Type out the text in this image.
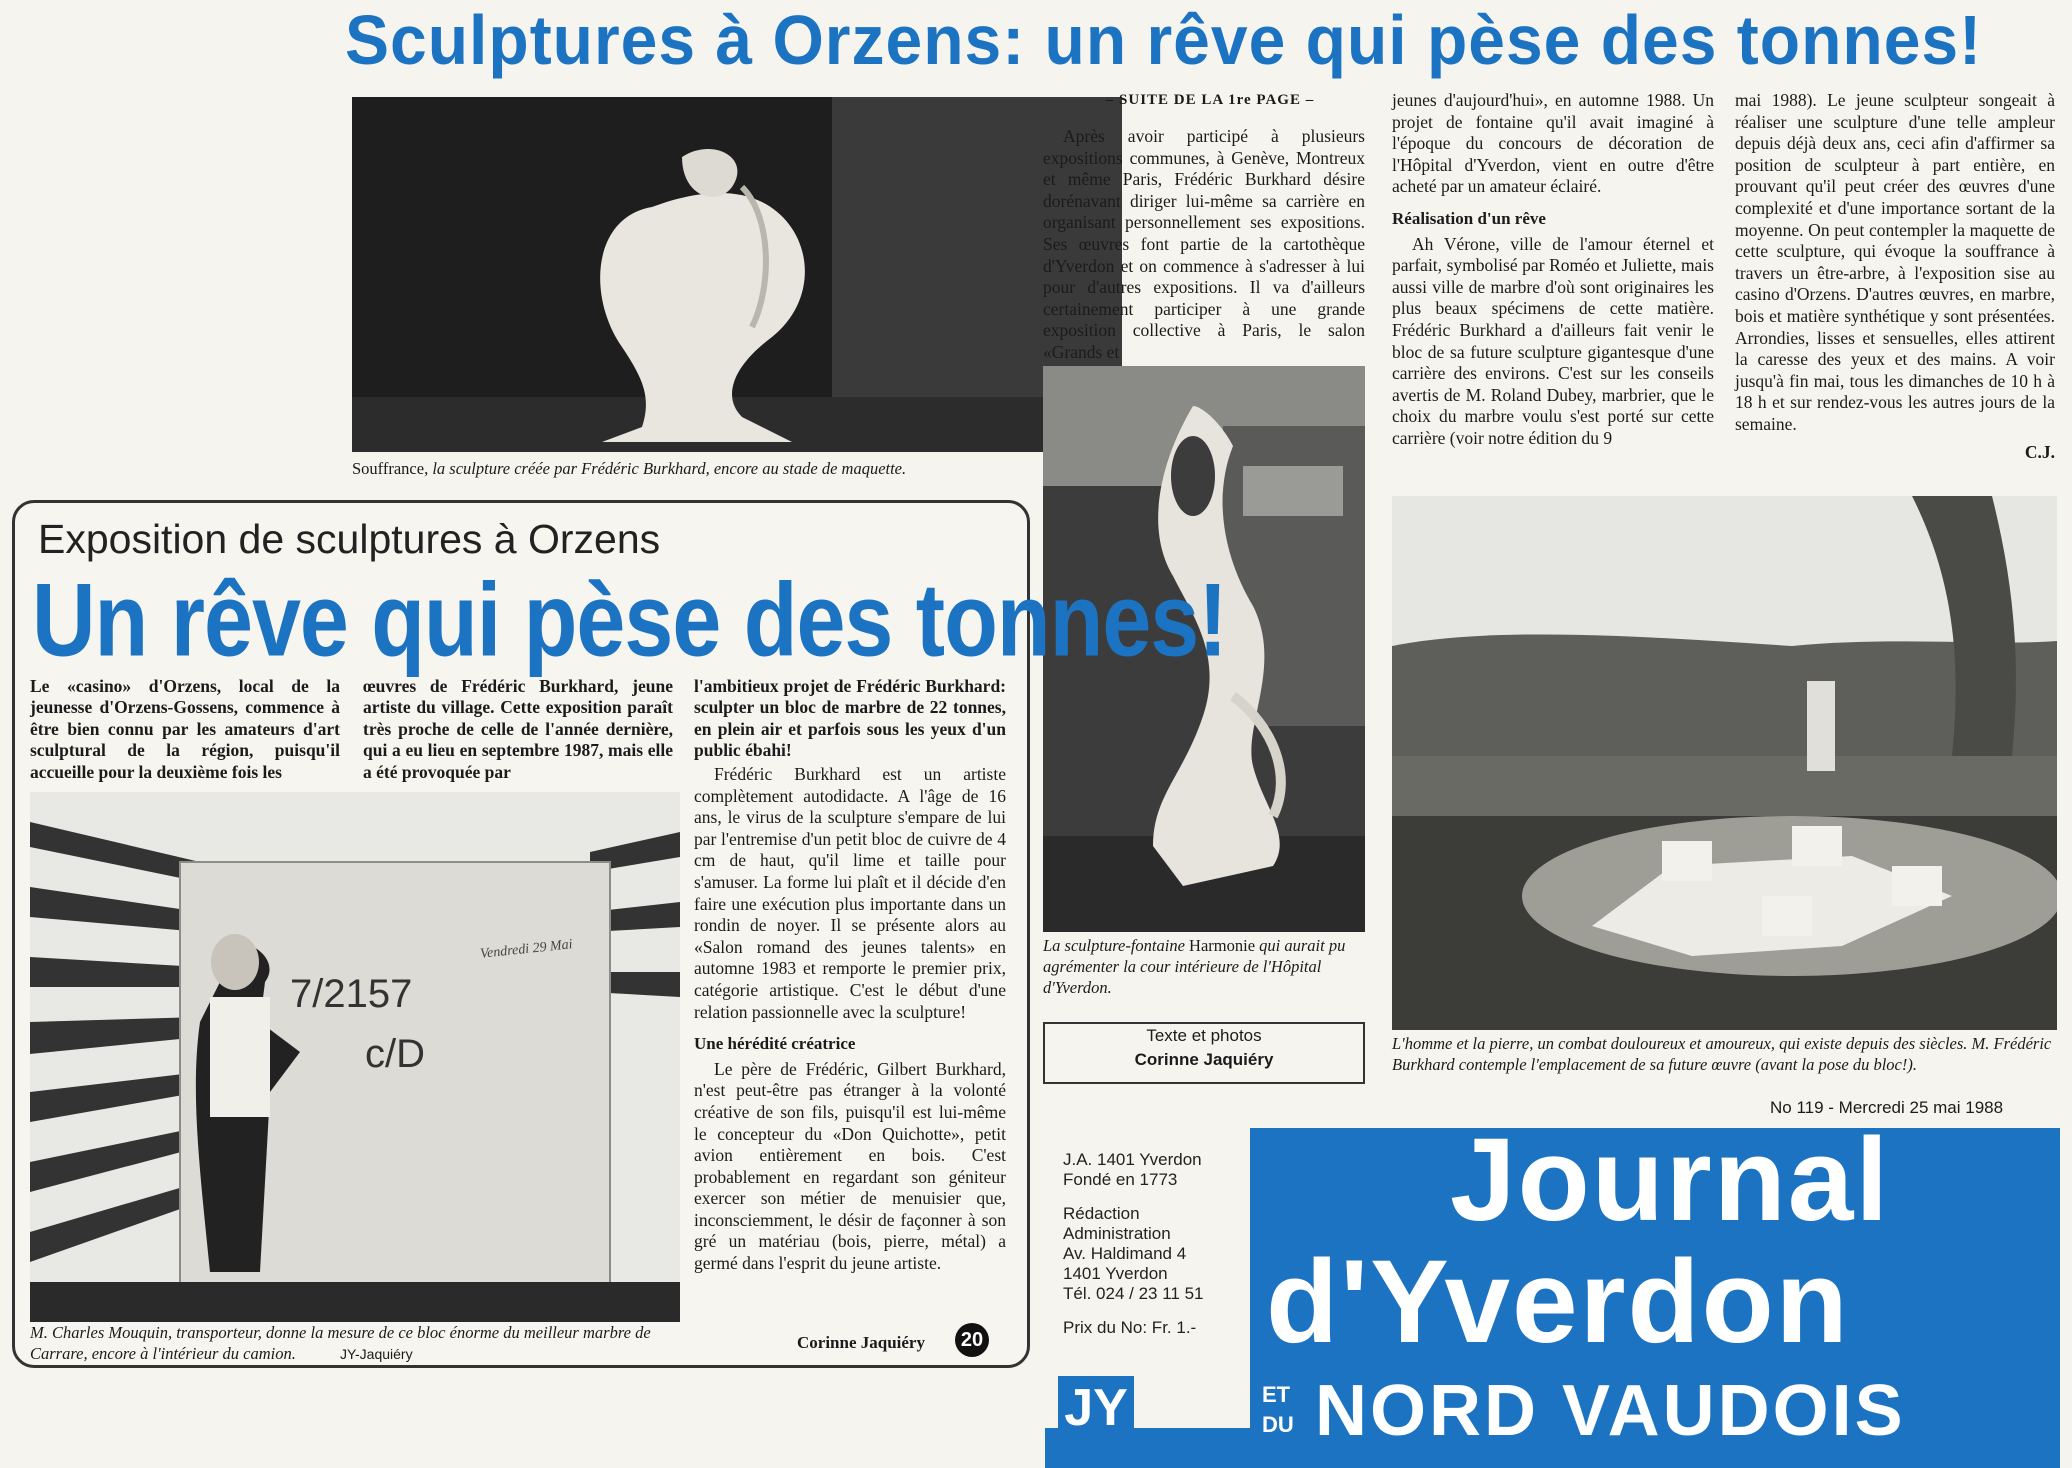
Sculptures à Orzens: un rêve qui pèse des tonnes!
Souffrance, la sculpture créée par Frédéric Burkhard, encore au stade de maquette.
– SUITE DE LA 1re PAGE –

Après avoir participé à plusieurs expositions communes, à Genève, Montreux et même Paris, Frédéric Burkhard désire dorénavant diriger lui-même sa carrière en organisant personnellement ses expositions. Ses œuvres font partie de la cartothèque d'Yverdon et on commence à s'adresser à lui pour d'autres expositions. Il va d'ailleurs certainement participer à une grande exposition collective à Paris, le salon «Grands et

La sculpture-fontaine Harmonie qui aurait pu agrémenter la cour intérieure de l'Hôpital d'Yverdon.
Texte et photos
Corinne Jaquiéry

jeunes d'aujourd'hui», en automne 1988. Un projet de fontaine qu'il avait imaginé à l'époque du concours de décoration de l'Hôpital d'Yverdon, vient en outre d'être acheté par un amateur éclairé.

Réalisation d'un rêve

Ah Vérone, ville de l'amour éternel et parfait, symbolisé par Roméo et Juliette, mais aussi ville de marbre d'où sont originaires les plus beaux spécimens de cette matière. Frédéric Burkhard a d'ailleurs fait venir le bloc de sa future sculpture gigantesque d'une carrière des environs. C'est sur les conseils avertis de M. Roland Dubey, marbrier, que le choix du marbre voulu s'est porté sur cette carrière (voir notre édition du 9

mai 1988). Le jeune sculpteur songeait à réaliser une sculpture d'une telle ampleur depuis déjà deux ans, ceci afin d'affirmer sa position de sculpteur à part entière, en prouvant qu'il peut créer des œuvres d'une complexité et d'une importance sortant de la moyenne. On peut contempler la maquette de cette sculpture, qui évoque la souffrance à travers un être-arbre, à l'exposition sise au casino d'Orzens. D'autres œuvres, en marbre, bois et matière synthétique y sont présentées. Arrondies, lisses et sensuelles, elles attirent la caresse des yeux et des mains. A voir jusqu'à fin mai, tous les dimanches de 10 h à 18 h et sur rendez-vous les autres jours de la semaine.

C.J.
L'homme et la pierre, un combat douloureux et amoureux, qui existe depuis des siècles. M. Frédéric Burkhard contemple l'emplacement de sa future œuvre (avant la pose du bloc!).
No 119 - Mercredi 25 mai 1988
Exposition de sculptures à Orzens
Un rêve qui pèse des tonnes!
Le «casino» d'Orzens, local de la jeunesse d'Orzens-Gossens, commence à être bien connu par les amateurs d'art sculptural de la région, puisqu'il accueille pour la deuxième fois les
œuvres de Frédéric Burkhard, jeune artiste du village. Cette exposition paraît très proche de celle de l'année dernière, qui a eu lieu en septembre 1987, mais elle a été provoquée par
l'ambitieux projet de Frédéric Burkhard: sculpter un bloc de marbre de 22 tonnes, en plein air et parfois sous les yeux d'un public ébahi!
7/2157
c/D
Vendredi 29 Mai
M. Charles Mouquin, transporteur, donne la mesure de ce bloc énorme du meilleur marbre de Carrare, encore à l'intérieur du camion.	JY-Jaquiéry

Frédéric Burkhard est un artiste complètement autodidacte. A l'âge de 16 ans, le virus de la sculpture s'empare de lui par l'entremise d'un petit bloc de cuivre de 4 cm de haut, qu'il lime et taille pour s'amuser. La forme lui plaît et il décide d'en faire une exécution plus importante dans un rondin de noyer. Il se présente alors au «Salon romand des jeunes talents» en automne 1983 et remporte le premier prix, catégorie artistique. C'est le début d'une relation passionnelle avec la sculpture!

Une hérédité créatrice

Le père de Frédéric, Gilbert Burkhard, n'est peut-être pas étranger à la volonté créative de son fils, puisqu'il est lui-même le concepteur du «Don Quichotte», petit avion entièrement en bois. C'est probablement en regardant son géniteur exercer son métier de menuisier que, inconsciemment, le désir de façonner à son gré un matériau (bois, pierre, métal) a germé dans l'esprit du jeune artiste.

Corinne Jaquiéry 20
J.A. 1401 Yverdon
Fondé en 1773
Rédaction
Administration
Av. Haldimand 4
1401 Yverdon
Tél. 024 / 23 11 51
Prix du No: Fr. 1.-
Journal
d'Yverdon
JY	ET
DU NORD VAUDOIS
